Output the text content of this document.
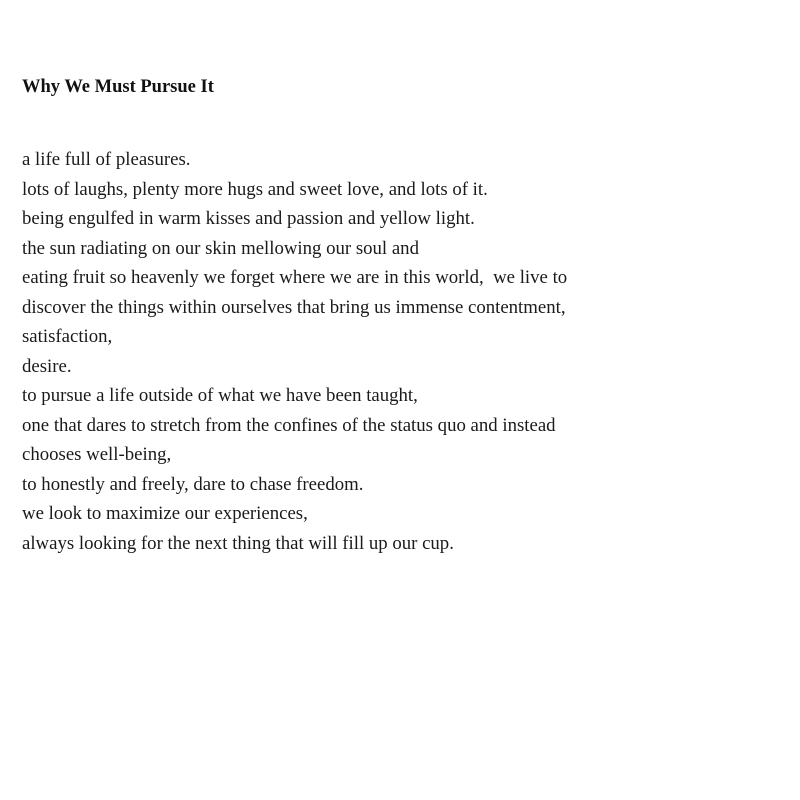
Why We Must Pursue It
a life full of pleasures.
lots of laughs, plenty more hugs and sweet love, and lots of it.
being engulfed in warm kisses and passion and yellow light.
the sun radiating on our skin mellowing our soul and
eating fruit so heavenly we forget where we are in this world,  we live to
discover the things within ourselves that bring us immense contentment,
satisfaction,
desire.
to pursue a life outside of what we have been taught,
one that dares to stretch from the confines of the status quo and instead
chooses well-being,
to honestly and freely, dare to chase freedom.
we look to maximize our experiences,
always looking for the next thing that will fill up our cup.
